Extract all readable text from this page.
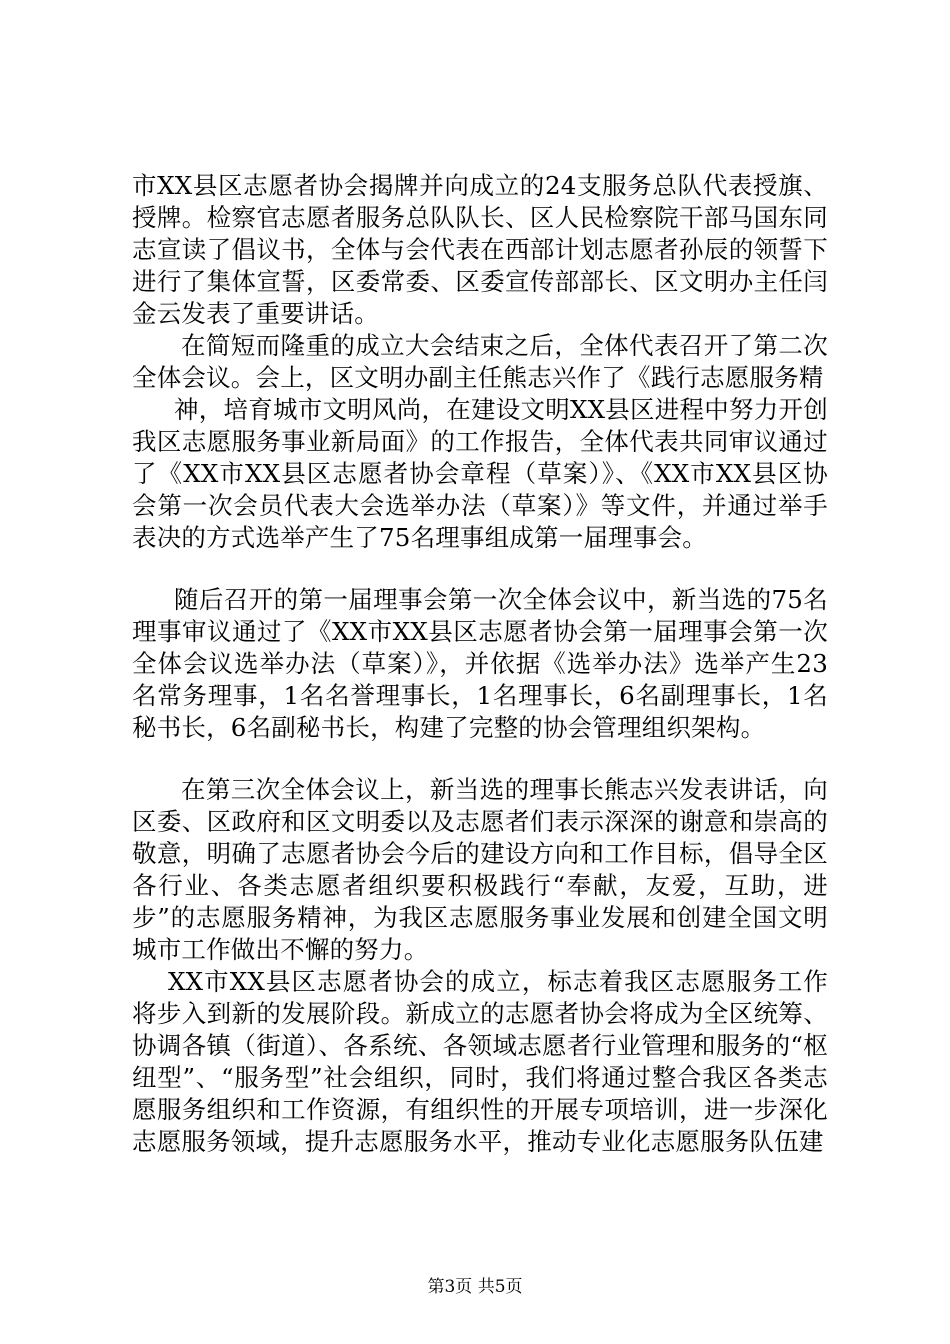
市XX县区志愿者协会揭牌并向成立的24支服务总队代表授旗、授牌。检察官志愿者服务总队队长、区人民检察院干部马国东同志宣读了倡议书，全体与会代表在西部计划志愿者孙辰的领誓下进行了集体宣誓，区委常委、区委宣传部部长、区文明办主任闫金云发表了重要讲话。

在简短而隆重的成立大会结束之后，全体代表召开了第二次全体会议。会上，区文明办副主任熊志兴作了《践行志愿服务精

神，培育城市文明风尚，在建设文明XX县区进程中努力开创我区志愿服务事业新局面》的工作报告，全体代表共同审议通过了《XX市XX县区志愿者协会章程（草案）》、《XX市XX县区协会第一次会员代表大会选举办法（草案）》等文件，并通过举手表决的方式选举产生了75名理事组成第一届理事会。

随后召开的第一届理事会第一次全体会议中，新当选的75名理事审议通过了《XX市XX县区志愿者协会第一届理事会第一次全体会议选举办法（草案）》，并依据《选举办法》选举产生23名常务理事，1名名誉理事长，1名理事长，6名副理事长，1名秘书长，6名副秘书长，构建了完整的协会管理组织架构。

在第三次全体会议上，新当选的理事长熊志兴发表讲话，向区委、区政府和区文明委以及志愿者们表示深深的谢意和崇高的敬意，明确了志愿者协会今后的建设方向和工作目标，倡导全区各行业、各类志愿者组织要积极践行“奉献，友爱，互助，进步”的志愿服务精神，为我区志愿服务事业发展和创建全国文明城市工作做出不懈的努力。

XX市XX县区志愿者协会的成立，标志着我区志愿服务工作将步入到新的发展阶段。新成立的志愿者协会将成为全区统筹、协调各镇（街道）、各系统、各领域志愿者行业管理和服务的“枢纽型”、“服务型”社会组织，同时，我们将通过整合我区各类志愿服务组织和工作资源，有组织性的开展专项培训，进一步深化志愿服务领域，提升志愿服务水平，推动专业化志愿服务队伍建

第3页 共5页
